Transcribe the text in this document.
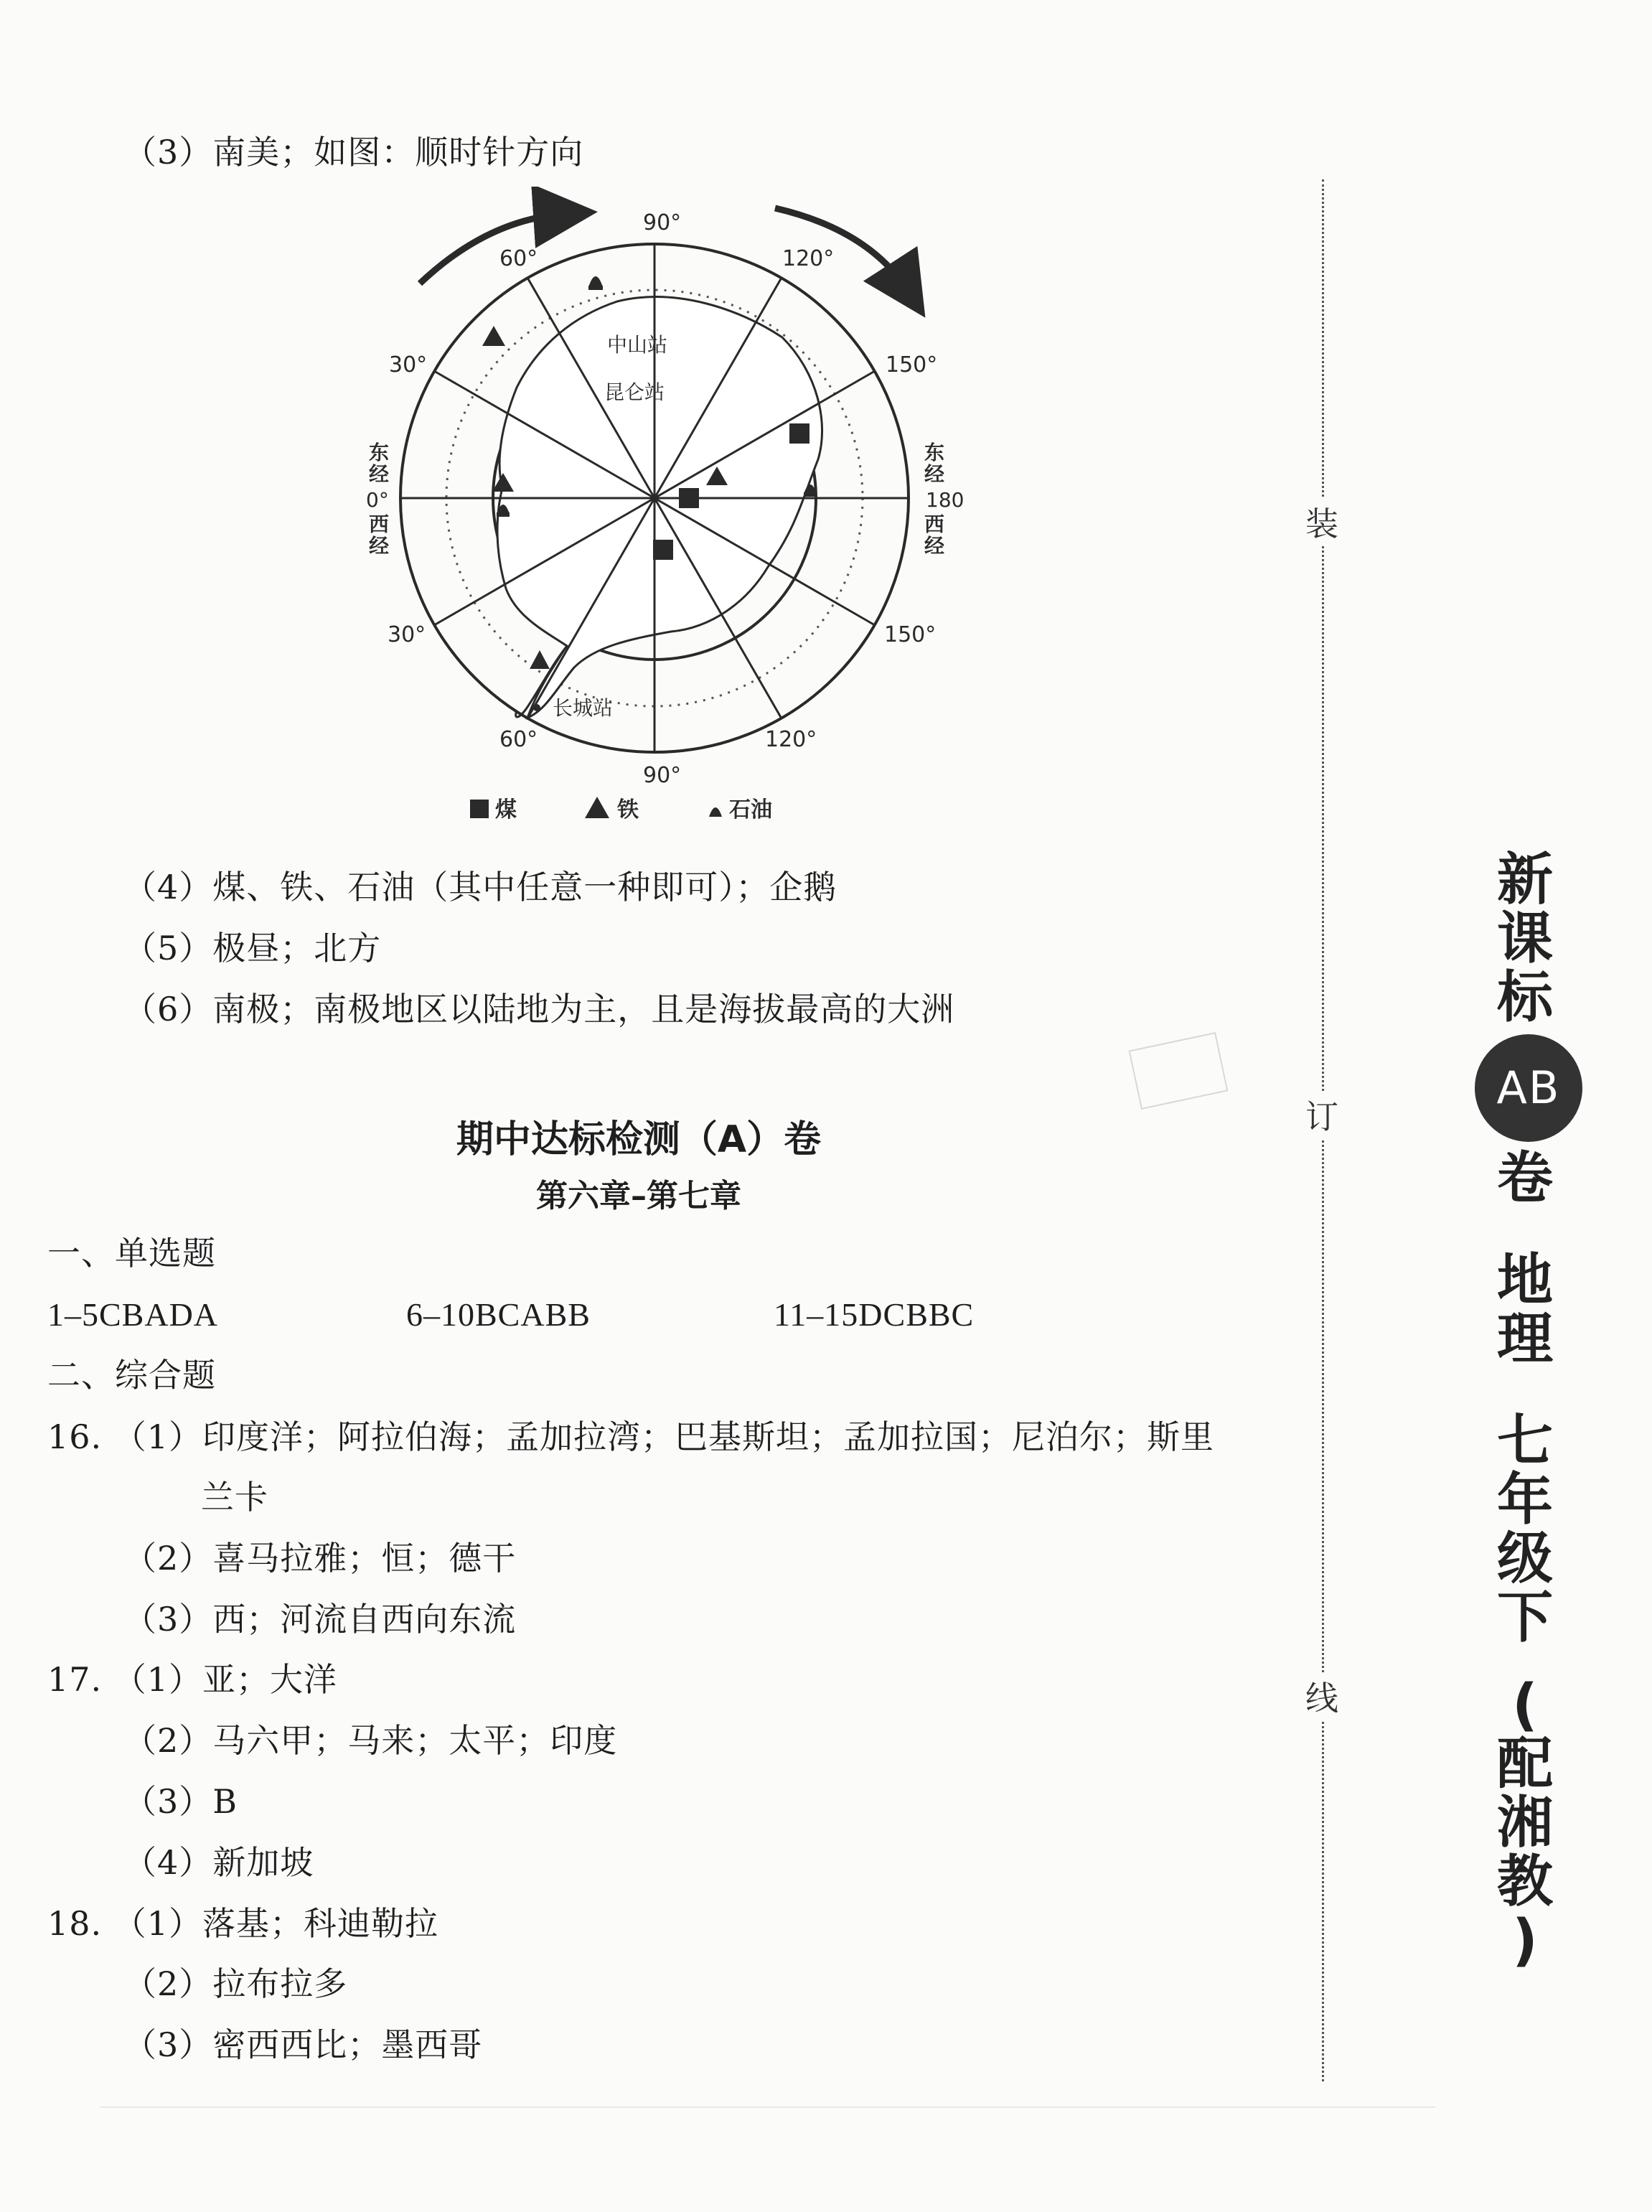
（3）南美；如图：顺时针方向
90°
90°
60°	120°
30°	150°
30°	150°
60°	120°
东
经
0°
西
经
东
经
180
西
经
中山站
昆仑站
长城站
煤	铁	石油
（4）煤、铁、石油（其中任意一种即可）；企鹅
（5）极昼；北方
（6）南极；南极地区以陆地为主，且是海拔最高的大洲
期中达标检测（A）卷
第六章–第七章
一、单选题
1–5CBADA	6–10BCABB	11–15DCBBC
二、综合题
16. （1）印度洋；阿拉伯海；孟加拉湾；巴基斯坦；孟加拉国；尼泊尔；斯里
兰卡
（2）喜马拉雅；恒；德干
（3）西；河流自西向东流
17. （1）亚；大洋
（2）马六甲；马来；太平；印度
（3）B
（4）新加坡
18. （1）落基；科迪勒拉
（2）拉布拉多
（3）密西西比；墨西哥
装
订
线
新
课
标
AB
卷
地
理
七
年
级
下
(
配
湘
教
)
